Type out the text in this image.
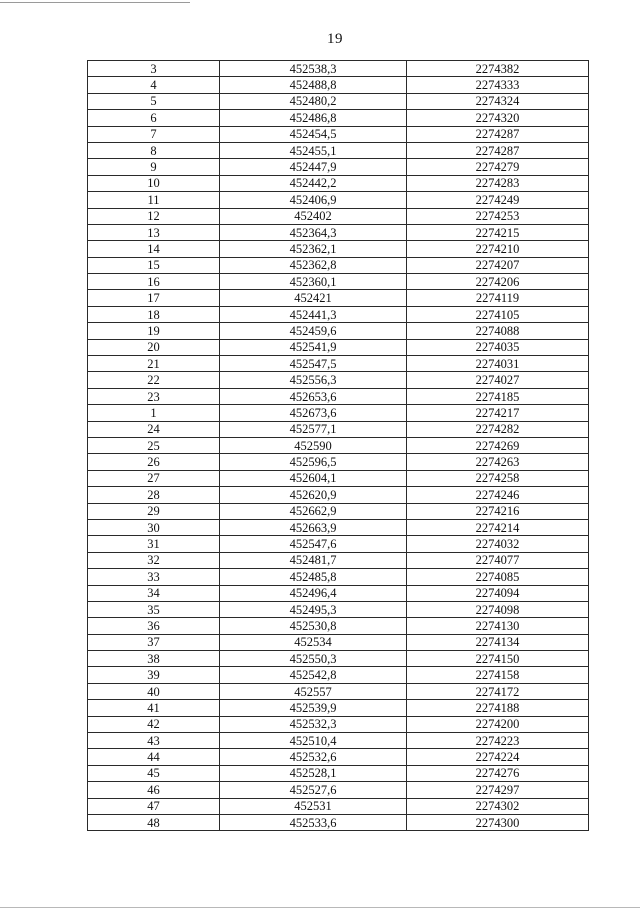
19
3	452538,3	2274382
4	452488,8	2274333
5	452480,2	2274324
6	452486,8	2274320
7	452454,5	2274287
8	452455,1	2274287
9	452447,9	2274279
10	452442,2	2274283
11	452406,9	2274249
12	452402	2274253
13	452364,3	2274215
14	452362,1	2274210
15	452362,8	2274207
16	452360,1	2274206
17	452421	2274119
18	452441,3	2274105
19	452459,6	2274088
20	452541,9	2274035
21	452547,5	2274031
22	452556,3	2274027
23	452653,6	2274185
1	452673,6	2274217
24	452577,1	2274282
25	452590	2274269
26	452596,5	2274263
27	452604,1	2274258
28	452620,9	2274246
29	452662,9	2274216
30	452663,9	2274214
31	452547,6	2274032
32	452481,7	2274077
33	452485,8	2274085
34	452496,4	2274094
35	452495,3	2274098
36	452530,8	2274130
37	452534	2274134
38	452550,3	2274150
39	452542,8	2274158
40	452557	2274172
41	452539,9	2274188
42	452532,3	2274200
43	452510,4	2274223
44	452532,6	2274224
45	452528,1	2274276
46	452527,6	2274297
47	452531	2274302
48	452533,6	2274300
